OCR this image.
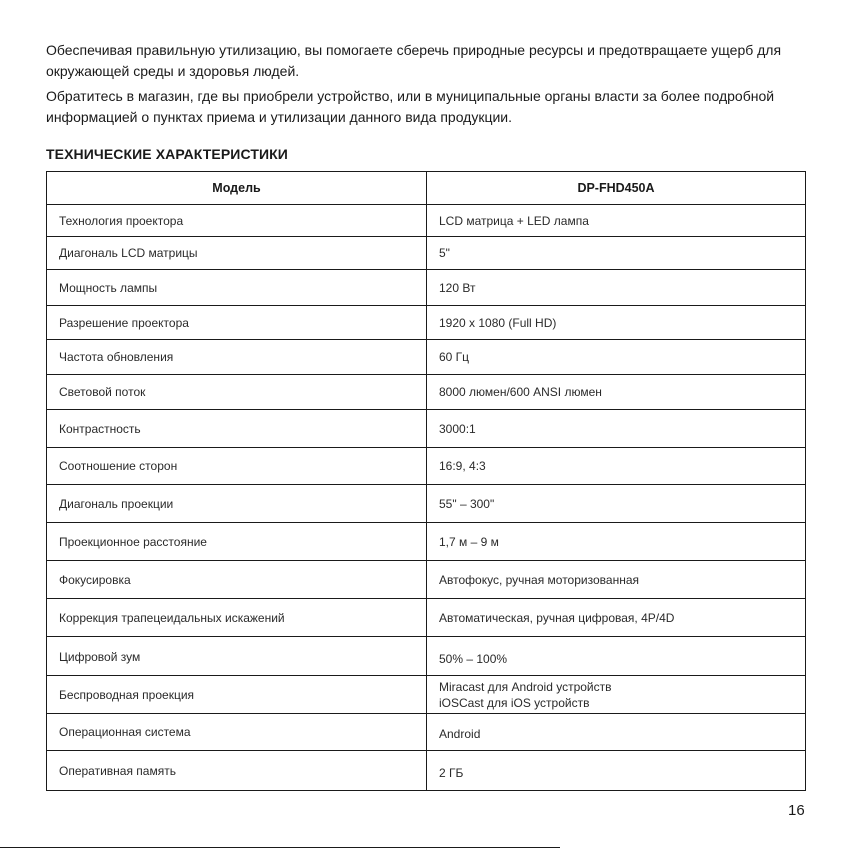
Обеспечивая правильную утилизацию, вы помогаете сберечь природные ресурсы и предотвращаете ущерб для окружающей среды и здоровья людей.

Обратитесь в магазин, где вы приобрели устройство, или в муниципальные органы власти за более подробной информацией о пунктах приема и утилизации данного вида продукции.

ТЕХНИЧЕСКИЕ ХАРАКТЕРИСТИКИ
Модель	DP-FHD450A
Технология проектора	LCD матрица + LED лампа
Диагональ LCD матрицы	5"
Мощность лампы	120 Вт
Разрешение проектора	1920 x 1080 (Full HD)
Частота обновления	60 Гц
Световой поток	8000 люмен/600 ANSI люмен
Контрастность	3000:1
Соотношение сторон	16:9, 4:3
Диагональ проекции	55" – 300"
Проекционное расстояние	1,7 м – 9 м
Фокусировка	Автофокус, ручная моторизованная
Коррекция трапецеидальных искажений	Автоматическая, ручная цифровая, 4P/4D
Цифровой зум	50% – 100%
Беспроводная проекция	Miracast для Android устройств
iOSCast для iOS устройств

Операционная система	Android
Оперативная память	2 ГБ
16
